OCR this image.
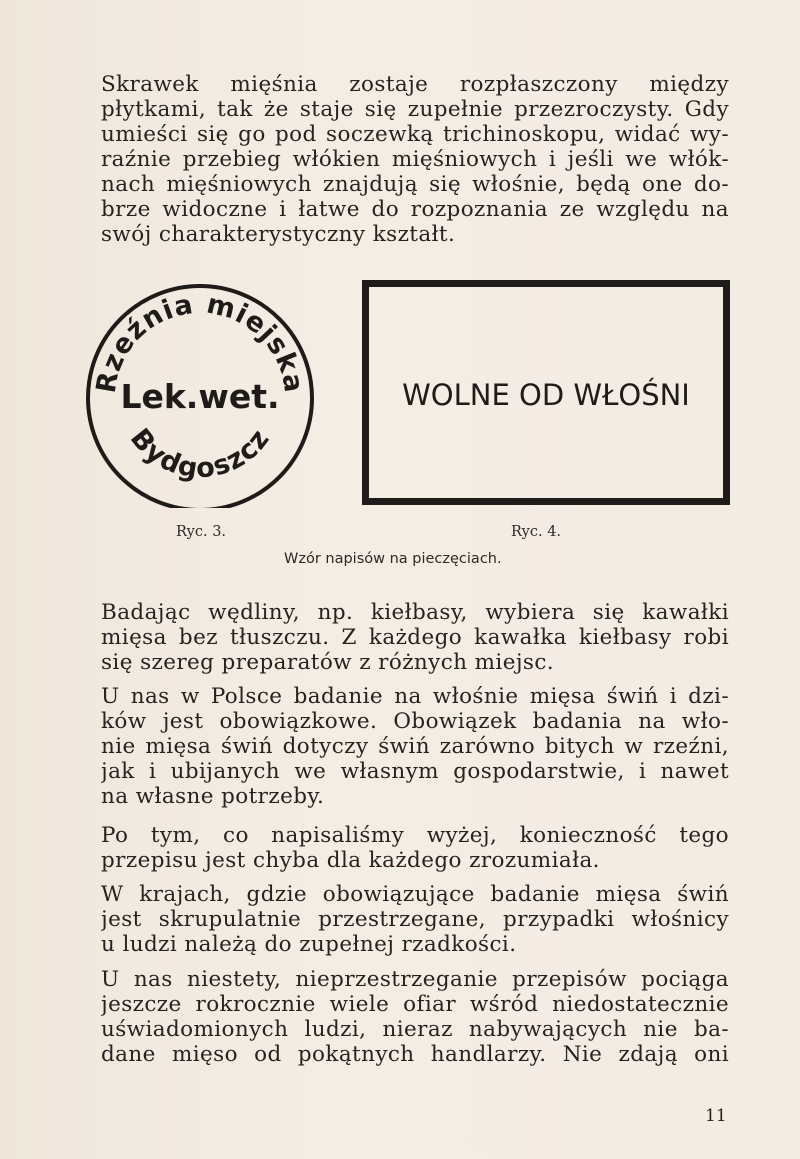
Skrawek mięśnia zostaje rozpłaszczony między
płytkami, tak że staje się zupełnie przezroczysty. Gdy
umieści się go pod soczewką trichinoskopu, widać wy-
raźnie przebieg włókien mięśniowych i jeśli we włók-
nach mięśniowych znajdują się włośnie, będą one do-
brze widoczne i łatwe do rozpoznania ze względu na
swój charakterystyczny kształt.
Rzeźnia miejska
Lek.wet.
Bydgoszcz
WOLNE OD WŁOŚNI
Ryc. 3.	Ryc. 4.
Wzór napisów na pieczęciach.
Badając wędliny, np. kiełbasy, wybiera się kawałki
mięsa bez tłuszczu. Z każdego kawałka kiełbasy robi
się szereg preparatów z różnych miejsc.
U nas w Polsce badanie na włośnie mięsa świń i dzi-
ków jest obowiązkowe. Obowiązek badania na wło-
nie mięsa świń dotyczy świń zarówno bitych w rzeźni,
jak i ubijanych we własnym gospodarstwie, i nawet
na własne potrzeby.
Po tym, co napisaliśmy wyżej, konieczność tego
przepisu jest chyba dla każdego zrozumiała.
W krajach, gdzie obowiązujące badanie mięsa świń
jest skrupulatnie przestrzegane, przypadki włośnicy
u ludzi należą do zupełnej rzadkości.
U nas niestety, nieprzestrzeganie przepisów pociąga
jeszcze rokrocznie wiele ofiar wśród niedostatecznie
uświadomionych ludzi, nieraz nabywających nie ba-
dane mięso od pokątnych handlarzy. Nie zdają oni
11
